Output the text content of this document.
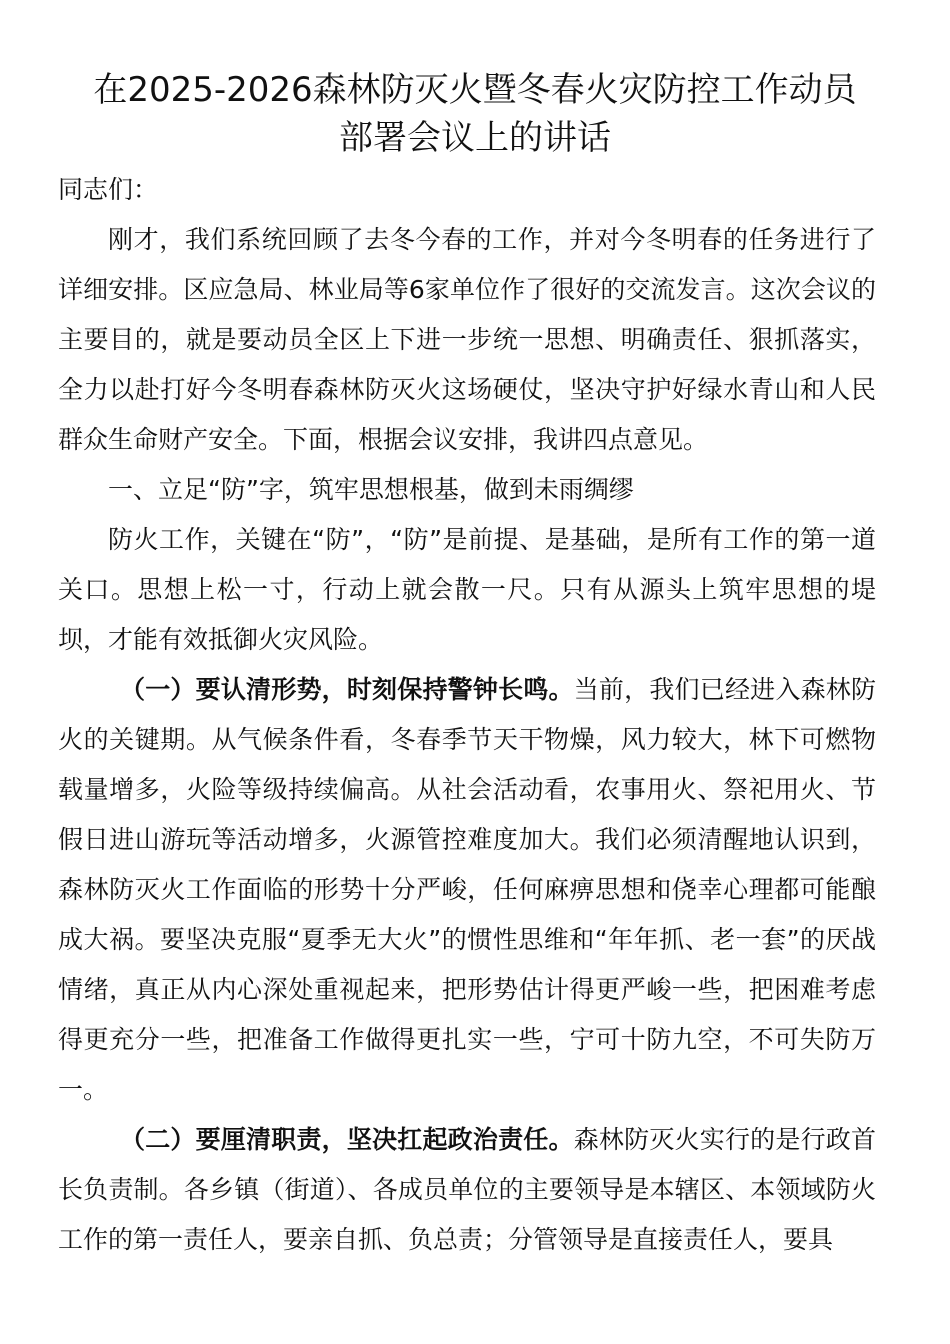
在2025-2026森林防灭火暨冬春火灾防控工作动员
部署会议上的讲话

同志们：

刚才，我们系统回顾了去冬今春的工作，并对今冬明春的任务进行了详细安排。区应急局、林业局等6家单位作了很好的交流发言。这次会议的主要目的，就是要动员全区上下进一步统一思想、明确责任、狠抓落实，全力以赴打好今冬明春森林防灭火这场硬仗，坚决守护好绿水青山和人民群众生命财产安全。下面，根据会议安排，我讲四点意见。

一、立足“防”字，筑牢思想根基，做到未雨绸缪

防火工作，关键在“防”，“防”是前提、是基础，是所有工作的第一道关口。思想上松一寸，行动上就会散一尺。只有从源头上筑牢思想的堤坝，才能有效抵御火灾风险。

（一）要认清形势，时刻保持警钟长鸣。当前，我们已经进入森林防火的关键期。从气候条件看，冬春季节天干物燥，风力较大，林下可燃物载量增多，火险等级持续偏高。从社会活动看，农事用火、祭祀用火、节假日进山游玩等活动增多，火源管控难度加大。我们必须清醒地认识到，森林防灭火工作面临的形势十分严峻，任何麻痹思想和侥幸心理都可能酿成大祸。要坚决克服“夏季无大火”的惯性思维和“年年抓、老一套”的厌战情绪，真正从内心深处重视起来，把形势估计得更严峻一些，把困难考虑得更充分一些，把准备工作做得更扎实一些，宁可十防九空，不可失防万一。

（二）要厘清职责，坚决扛起政治责任。森林防灭火实行的是行政首长负责制。各乡镇（街道）、各成员单位的主要领导是本辖区、本领域防火工作的第一责任人，要亲自抓、负总责；分管领导是直接责任人，要具
